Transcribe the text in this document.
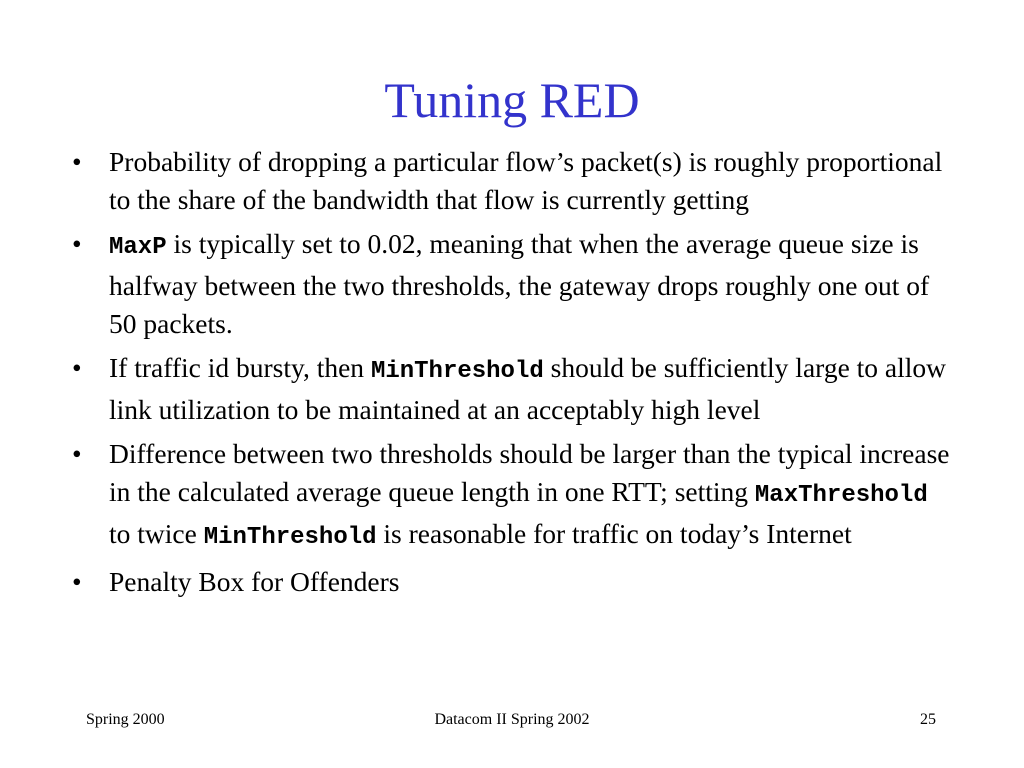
Tuning RED
• Probability of dropping a particular flow’s packet(s) is roughly proportional to the share of the bandwidth that flow is currently getting
•	MaxP is typically set to 0.02, meaning that when the average queue size is halfway between the two thresholds, the gateway drops roughly one out of 50 packets.
• If traffic id bursty, then MinThreshold should be sufficiently large to allow link utilization to be maintained at an acceptably high level
• Difference between two thresholds should be larger than the typical increase in the calculated average queue length in one RTT; setting MaxThreshold to twice MinThreshold is reasonable for traffic on today’s Internet
• Penalty Box for Offenders
Spring 2000	Datacom II Spring 2002	25
